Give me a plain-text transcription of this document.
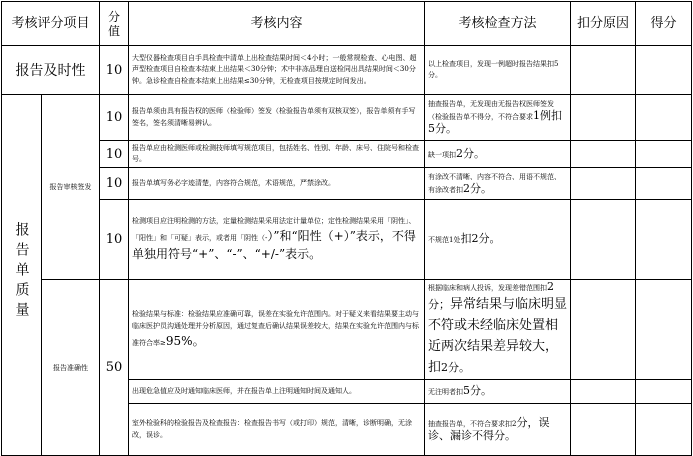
考核评分项目		分值	考核内容	考核检查方法	扣分原因	得分
报告及时性		10	大型仪器检查项目自手具检查中清单上出检查结果时间＜4小时；一般常规检查、心电图、超声型检查项目自检查本结束上出结果＜30分钟；术中非冻品理自送检同出具结果时间＜30分钟。急诊检查自检查本结束上出结果≤30分钟，无检查项目按规定时间发出。	以上检查项目，发现一例超时报告结果扣5分。		
报告单质量	报告审核签发	10	报告单须由具有报告权的医师（检验师）签发（检验报告单须有双核双签），报告单须有手写签名，签名须清晰易辨认。	抽查报告单，无发现由无报告权医师签发（检验报告单不得分，不符合要求1例扣5分。		
		10	报告单应由检测医师或检测技师填写规范项目，包括姓名、性别、年龄、床号、住院号和检查号。	缺一项扣2分。		
		10	报告单填写务必字迹清楚，内容符合规范，术语规范，严禁涂改。	有涂改不清晰、内容不符合、用语不规范、有涂改者扣2分。		
		10	检测项目应注明检测的方法，定量检测结果采用法定计量单位；定性检测结果采用「阴性」、「阳性」和「可疑」表示，或者用「阴性（-）”和“阳性（+）”表示，不得单独用符号“+”、“-”、“+/-”表示。	不规范1处扣2分。		
	报告准确性	50	检验结果与标准：检验结果应准确可靠，误差在实验允许范围内。对于疑义来看结果要主动与临床医护员沟通处理并分析原因，通过复查后确认结果误差较大，结果在实验允许范围内与标准符合率≥95%。	根据临床和病人投诉，发现差错范围扣2分；异常结果与临床明显不符或未经临床处置相近两次结果差异较大，扣2分。		
			出现危急值应及时通知临床医师，并在报告单上注明通知时间及通知人。	无注明者扣5分。		
			室外检验科的检验报告及检查报告：检查报告书写（或打印）规范，清晰，诊断明确，无涂改，误诊。	抽查报告单，不符合要求扣2分，误诊、漏诊不得分。		
